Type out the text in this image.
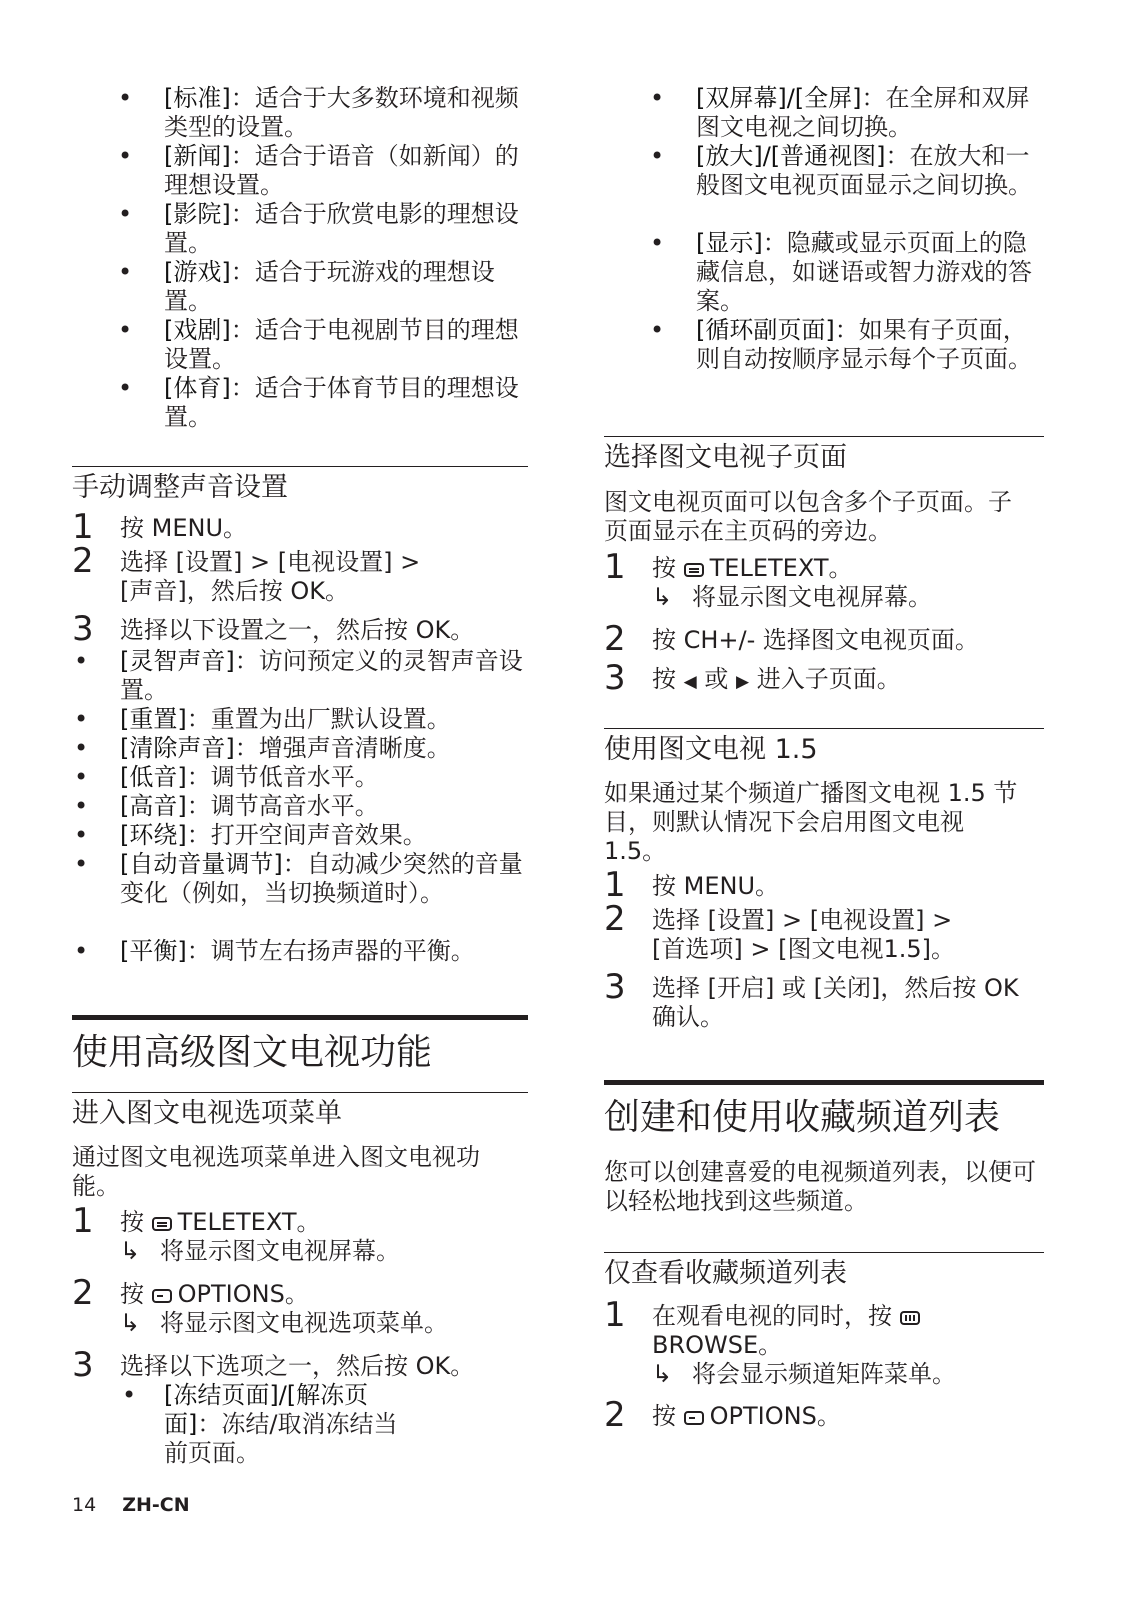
• [标准]：适合于大多数环境和视频类型的设置。
• [新闻]：适合于语音（如新闻）的理想设置。
• [影院]：适合于欣赏电影的理想设置。
• [游戏]：适合于玩游戏的理想设置。
• [戏剧]：适合于电视剧节目的理想设置。
• [体育]：适合于体育节目的理想设置。
手动调整声音设置
1 按 MENU。
2 选择 [设置] > [电视设置] > [声音]，然后按 OK。
3 选择以下设置之一，然后按 OK。
• [灵智声音]：访问预定义的灵智声音设置。
• [重置]：重置为出厂默认设置。
• [清除声音]：增强声音清晰度。
• [低音]：调节低音水平。
• [高音]：调节高音水平。
• [环绕]：打开空间声音效果。
• [自动音量调节]：自动减少突然的音量变化（例如，当切换频道时）。
• [平衡]：调节左右扬声器的平衡。
使用高级图文电视功能
进入图文电视选项菜单
通过图文电视选项菜单进入图文电视功能。
1 按 TELETEXT。
↳ 将显示图文电视屏幕。
2 按 OPTIONS。
↳ 将显示图文电视选项菜单。
3 选择以下选项之一，然后按 OK。
• [冻结页面]/[解冻页面]：冻结/取消冻结当前页面。
• [双屏幕]/[全屏]：在全屏和双屏图文电视之间切换。
• [放大]/[普通视图]：在放大和一般图文电视页面显示之间切换。
• [显示]：隐藏或显示页面上的隐藏信息，如谜语或智力游戏的答案。
• [循环副页面]：如果有子页面，则自动按顺序显示每个子页面。
选择图文电视子页面
图文电视页面可以包含多个子页面。子页面显示在主页码的旁边。
1 按 TELETEXT。
↳ 将显示图文电视屏幕。
2 按 CH+/- 选择图文电视页面。
3 按 ◀ 或 ▶ 进入子页面。
使用图文电视 1.5
如果通过某个频道广播图文电视 1.5 节目，则默认情况下会启用图文电视 1.5。
1 按 MENU。
2 选择 [设置] > [电视设置] > [首选项] > [图文电视1.5]。
3 选择 [开启] 或 [关闭]，然后按 OK 确认。
创建和使用收藏频道列表
您可以创建喜爱的电视频道列表，以便可以轻松地找到这些频道。
仅查看收藏频道列表
1 在观看电视的同时，按
BROWSE。
↳ 将会显示频道矩阵菜单。
2 按 OPTIONS。
14 ZH-CN
